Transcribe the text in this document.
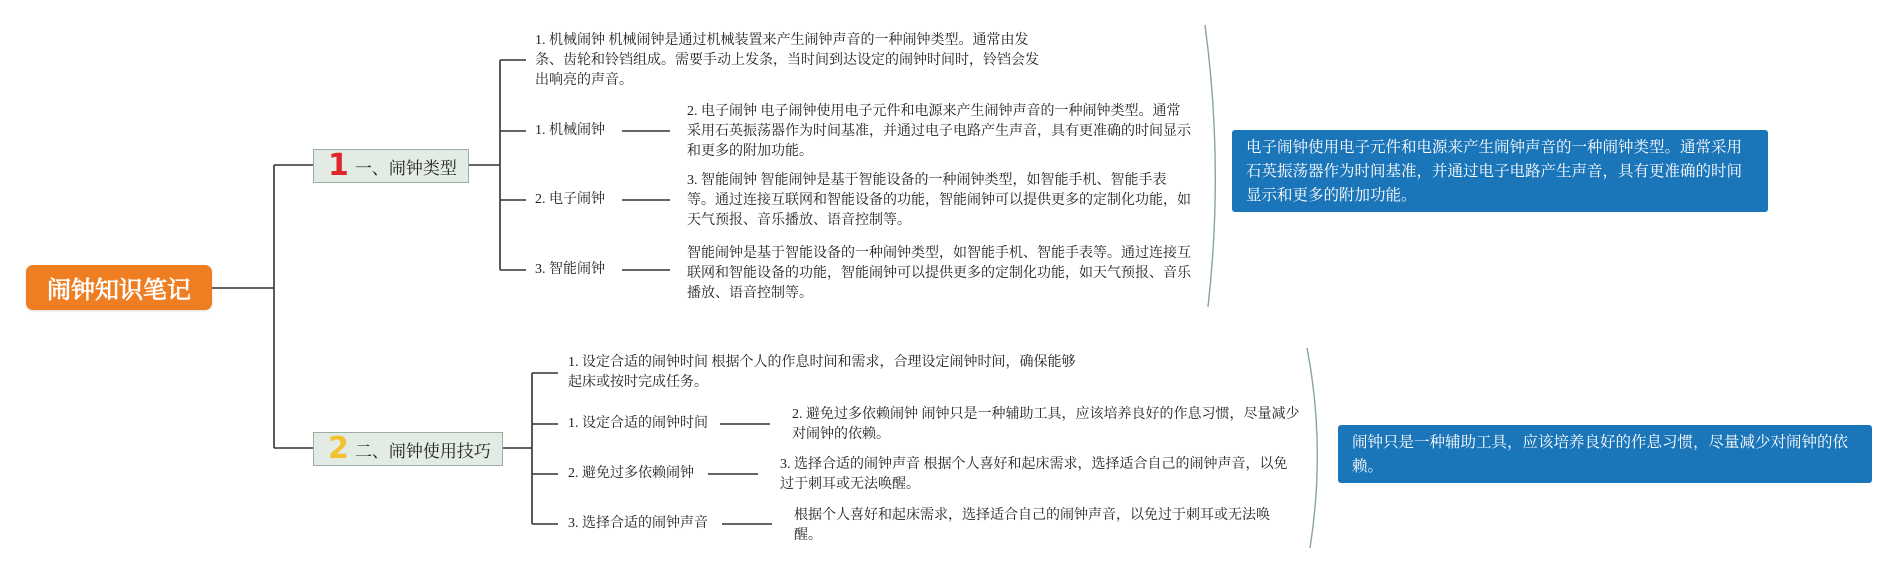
闹钟知识笔记
1 一、闹钟类型
1. 机械闹钟 机械闹钟是通过机械装置来产生闹钟声音的一种闹钟类型。通常由发条、齿轮和铃铛组成。需要手动上发条，当时间到达设定的闹钟时间时，铃铛会发出响亮的声音。
1. 机械闹钟
2. 电子闹钟
3. 智能闹钟
2. 电子闹钟 电子闹钟使用电子元件和电源来产生闹钟声音的一种闹钟类型。通常采用石英振荡器作为时间基准，并通过电子电路产生声音，具有更准确的时间显示和更多的附加功能。
3. 智能闹钟 智能闹钟是基于智能设备的一种闹钟类型，如智能手机、智能手表等。通过连接互联网和智能设备的功能，智能闹钟可以提供更多的定制化功能，如天气预报、音乐播放、语音控制等。
智能闹钟是基于智能设备的一种闹钟类型，如智能手机、智能手表等。通过连接互联网和智能设备的功能，智能闹钟可以提供更多的定制化功能，如天气预报、音乐播放、语音控制等。
电子闹钟使用电子元件和电源来产生闹钟声音的一种闹钟类型。通常采用石英振荡器作为时间基准，并通过电子电路产生声音，具有更准确的时间显示和更多的附加功能。
2 二、闹钟使用技巧
1. 设定合适的闹钟时间 根据个人的作息时间和需求，合理设定闹钟时间，确保能够起床或按时完成任务。
1. 设定合适的闹钟时间
2. 避免过多依赖闹钟
3. 选择合适的闹钟声音
2. 避免过多依赖闹钟 闹钟只是一种辅助工具，应该培养良好的作息习惯，尽量减少对闹钟的依赖。
3. 选择合适的闹钟声音 根据个人喜好和起床需求，选择适合自己的闹钟声音，以免过于刺耳或无法唤醒。
根据个人喜好和起床需求，选择适合自己的闹钟声音，以免过于刺耳或无法唤醒。
闹钟只是一种辅助工具，应该培养良好的作息习惯，尽量减少对闹钟的依赖。
